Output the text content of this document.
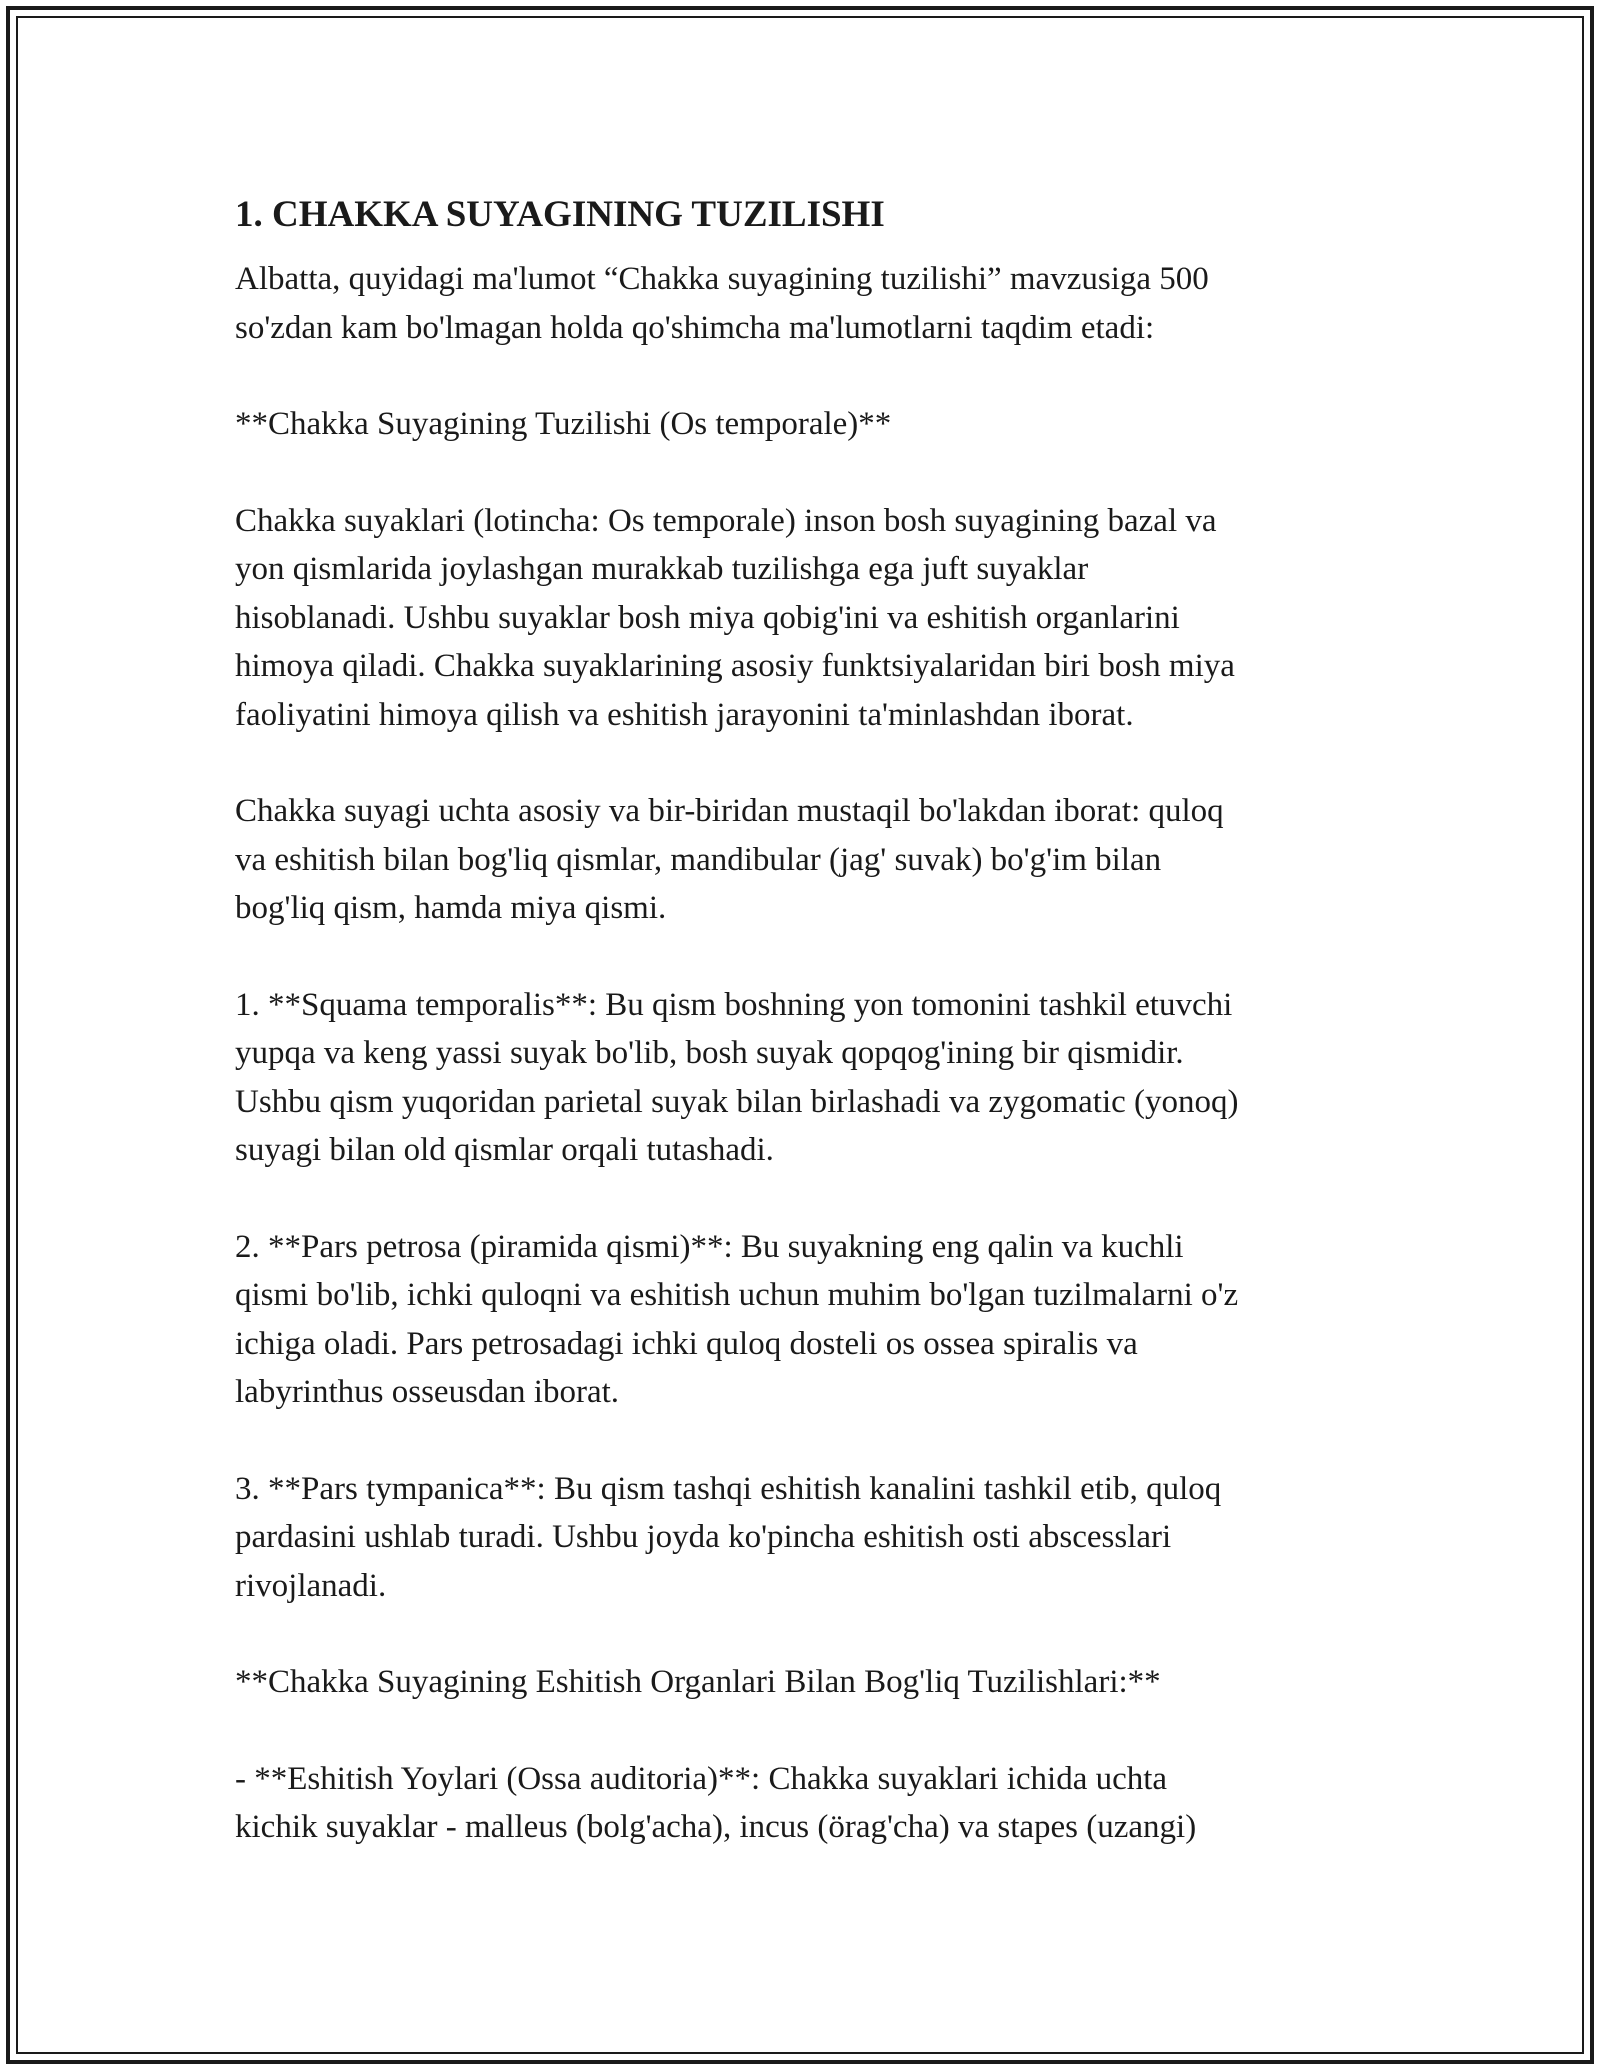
1. CHAKKA SUYAGINING TUZILISHI

Albatta, quyidagi ma'lumot “Chakka suyagining tuzilishi” mavzusiga 500
so'zdan kam bo'lmagan holda qo'shimcha ma'lumotlarni taqdim etadi:

**Chakka Suyagining Tuzilishi (Os temporale)**

Chakka suyaklari (lotincha: Os temporale) inson bosh suyagining bazal va
yon qismlarida joylashgan murakkab tuzilishga ega juft suyaklar
hisoblanadi. Ushbu suyaklar bosh miya qobig'ini va eshitish organlarini
himoya qiladi. Chakka suyaklarining asosiy funktsiyalaridan biri bosh miya
faoliyatini himoya qilish va eshitish jarayonini ta'minlashdan iborat.

Chakka suyagi uchta asosiy va bir-biridan mustaqil bo'lakdan iborat: quloq
va eshitish bilan bog'liq qismlar, mandibular (jag' suvak) bo'g'im bilan
bog'liq qism, hamda miya qismi.

1. **Squama temporalis**: Bu qism boshning yon tomonini tashkil etuvchi
yupqa va keng yassi suyak bo'lib, bosh suyak qopqog'ining bir qismidir.
Ushbu qism yuqoridan parietal suyak bilan birlashadi va zygomatic (yonoq)
suyagi bilan old qismlar orqali tutashadi.

2. **Pars petrosa (piramida qismi)**: Bu suyakning eng qalin va kuchli
qismi bo'lib, ichki quloqni va eshitish uchun muhim bo'lgan tuzilmalarni o'z
ichiga oladi. Pars petrosadagi ichki quloq dosteli os ossea spiralis va
labyrinthus osseusdan iborat.

3. **Pars tympanica**: Bu qism tashqi eshitish kanalini tashkil etib, quloq
pardasini ushlab turadi. Ushbu joyda ko'pincha eshitish osti abscesslari
rivojlanadi.

**Chakka Suyagining Eshitish Organlari Bilan Bog'liq Tuzilishlari:**

- **Eshitish Yoylari (Ossa auditoria)**: Chakka suyaklari ichida uchta
kichik suyaklar - malleus (bolg'acha), incus (örag'cha) va stapes (uzangi)
